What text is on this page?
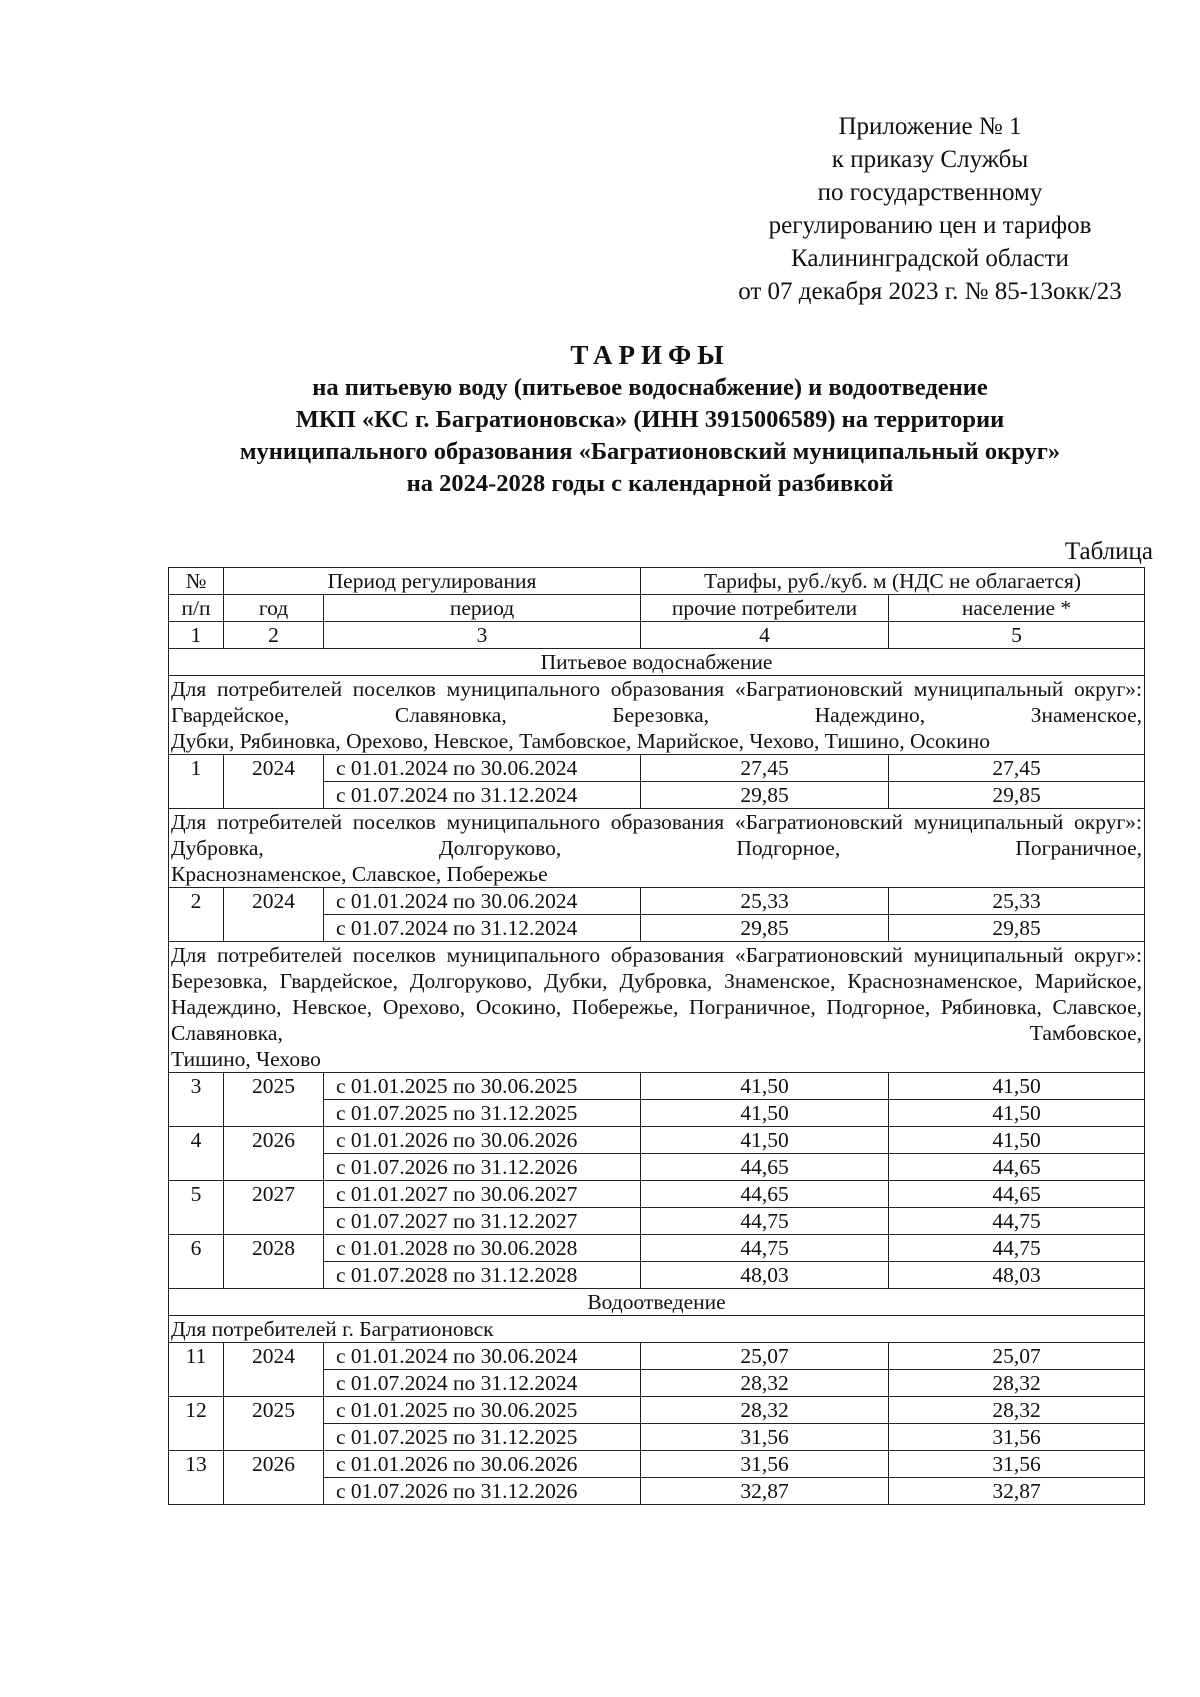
Приложение № 1
к приказу Службы
по государственному
регулированию цен и тарифов
Калининградской области
от 07 декабря 2023 г. № 85-13окк/23
ТАРИФЫ
на питьевую воду (питьевое водоснабжение) и водоотведение
МКП «КС г. Багратионовска» (ИНН 3915006589) на территории
муниципального образования «Багратионовский муниципальный округ»
на 2024-2028 годы с календарной разбивкой
Таблица
№	Период регулирования		Тарифы, руб./куб. м (НДС не облагается)	
п/п	год	период	прочие потребители	население *
1	2	3	4	5
Питьевое водоснабжение				

Для потребителей поселков муниципального образования «Багратионовский муниципальный округ»: Гвардейское, Славяновка, Березовка, Надеждино, Знаменское,
Дубки, Рябиновка, Орехово, Невское, Тамбовское, Марийское, Чехово, Тишино, Осокино				

1	2024	с 01.01.2024 по 30.06.2024	27,45	27,45
		с 01.07.2024 по 31.12.2024	29,85	29,85

Для потребителей поселков муниципального образования «Багратионовский муниципальный округ»: Дубровка, Долгоруково, Подгорное, Пограничное,
Краснознаменское, Славское, Побережье				

2	2024	с 01.01.2024 по 30.06.2024	25,33	25,33
		с 01.07.2024 по 31.12.2024	29,85	29,85

Для потребителей поселков муниципального образования «Багратионовский муниципальный округ»: Березовка, Гвардейское, Долгоруково, Дубки, Дубровка, Знаменское, Краснознаменское, Марийское, Надеждино, Невское, Орехово, Осокино, Побережье, Пограничное, Подгорное, Рябиновка, Славское, Славяновка, Тамбовское,
Тишино, Чехово				

3	2025	с 01.01.2025 по 30.06.2025	41,50	41,50
		с 01.07.2025 по 31.12.2025	41,50	41,50
4	2026	с 01.01.2026 по 30.06.2026	41,50	41,50
		с 01.07.2026 по 31.12.2026	44,65	44,65
5	2027	с 01.01.2027 по 30.06.2027	44,65	44,65
		с 01.07.2027 по 31.12.2027	44,75	44,75
6	2028	с 01.01.2028 по 30.06.2028	44,75	44,75
		с 01.07.2028 по 31.12.2028	48,03	48,03
Водоотведение				
Для потребителей г. Багратионовск				
11	2024	с 01.01.2024 по 30.06.2024	25,07	25,07
		с 01.07.2024 по 31.12.2024	28,32	28,32
12	2025	с 01.01.2025 по 30.06.2025	28,32	28,32
		с 01.07.2025 по 31.12.2025	31,56	31,56
13	2026	с 01.01.2026 по 30.06.2026	31,56	31,56
		с 01.07.2026 по 31.12.2026	32,87	32,87
